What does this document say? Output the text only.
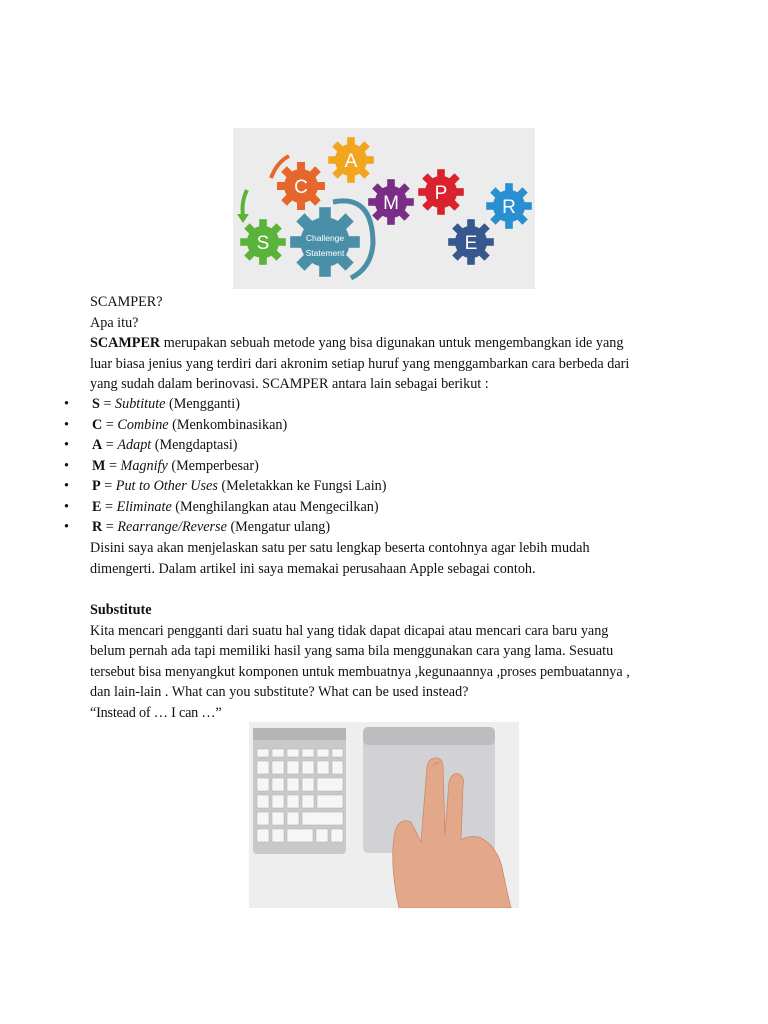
Challenge
Statement
C
A
M P
R
S	E
SCAMPER?
Apa itu?
SCAMPER merupakan sebuah metode yang bisa digunakan untuk mengembangkan ide yang
luar biasa jenius yang terdiri dari akronim setiap huruf yang menggambarkan cara berbeda dari
yang sudah dalam berinovasi. SCAMPER antara lain sebagai berikut :
• S = Subtitute (Mengganti)
• C = Combine (Menkombinasikan)
• A = Adapt (Mengdaptasi)
• M = Magnify (Memperbesar)
• P = Put to Other Uses (Meletakkan ke Fungsi Lain)
• E = Eliminate (Menghilangkan atau Mengecilkan)
• R = Rearrange/Reverse (Mengatur ulang)
Disini saya akan menjelaskan satu per satu lengkap beserta contohnya agar lebih mudah
dimengerti. Dalam artikel ini saya memakai perusahaan Apple sebagai contoh.
Substitute
Kita mencari pengganti dari suatu hal yang tidak dapat dicapai atau mencari cara baru yang
belum pernah ada tapi memiliki hasil yang sama bila menggunakan cara yang lama. Sesuatu
tersebut bisa menyangkut komponen untuk membuatnya ,kegunaannya ,proses pembuatannya ,
dan lain-lain . What can you substitute? What can be used instead?
“Instead of … I can …”
